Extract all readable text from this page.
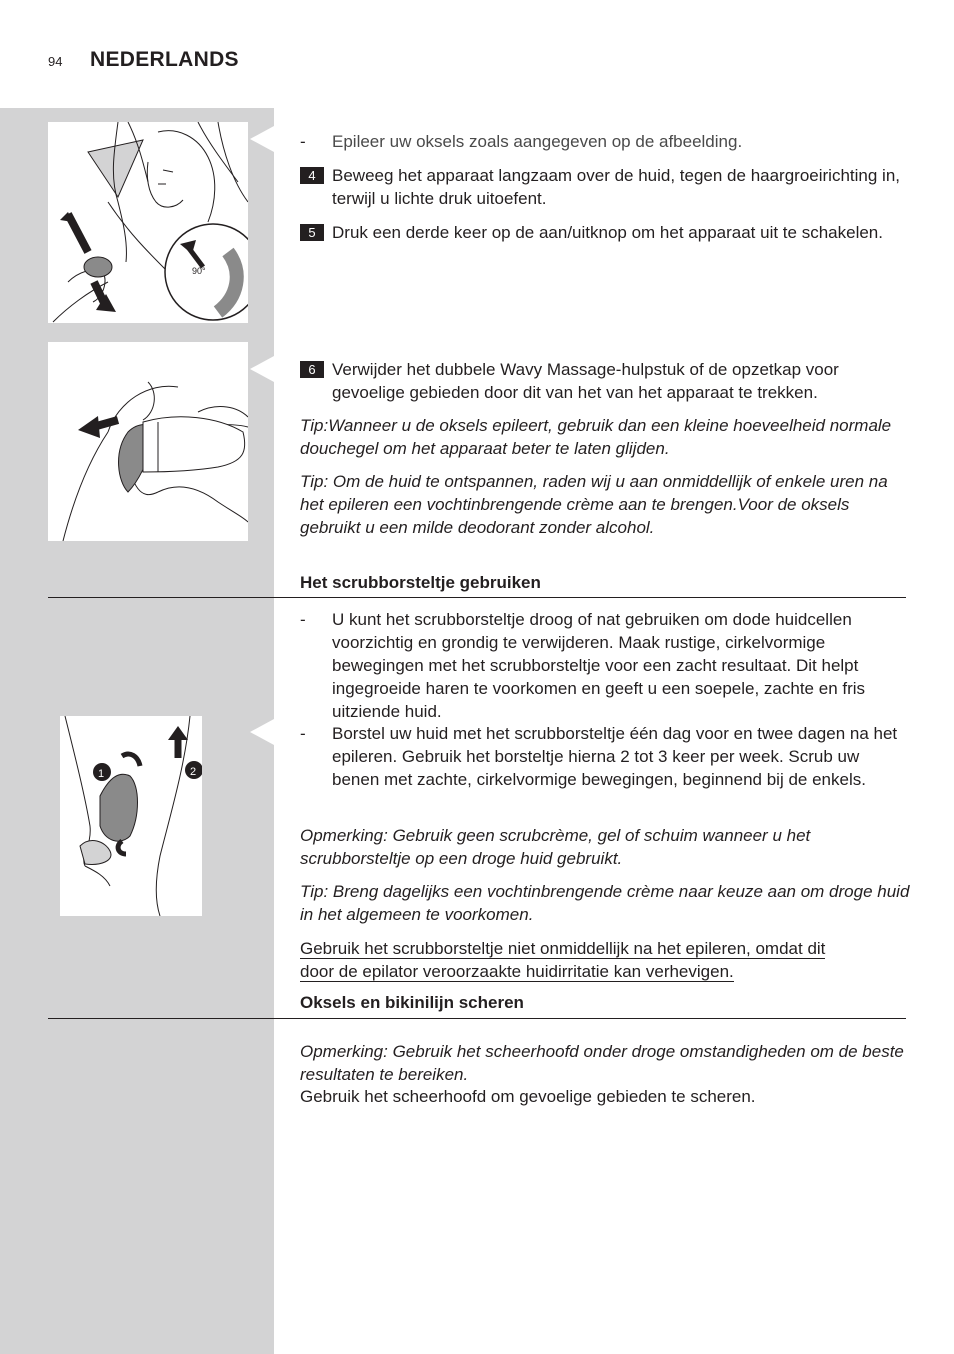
94 NEDERLANDS
90°
1	2
- Epileer uw oksels zoals aangegeven op de afbeelding.
4 Beweeg het apparaat langzaam over de huid, tegen de haargroeirichting in, terwijl u lichte druk uitoefent.
5 Druk een derde keer op de aan/uitknop om het apparaat uit te schakelen.
6 Verwijder het dubbele Wavy Massage-hulpstuk of de opzetkap voor gevoelige gebieden door dit van het van het apparaat te trekken.
Tip:Wanneer u de oksels epileert, gebruik dan een kleine hoeveelheid normale douchegel om het apparaat beter te laten glijden.
Tip: Om de huid te ontspannen, raden wij u aan onmiddellijk of enkele uren na het epileren een vochtinbrengende crème aan te brengen.Voor de oksels gebruikt u een milde deodorant zonder alcohol.
Het scrubborsteltje gebruiken
- U kunt het scrubborsteltje droog of nat gebruiken om dode huidcellen voorzichtig en grondig te verwijderen. Maak rustige, cirkelvormige bewegingen met het scrubborsteltje voor een zacht resultaat. Dit helpt ingegroeide haren te voorkomen en geeft u een soepele, zachte en fris uitziende huid.
- Borstel uw huid met het scrubborsteltje één dag voor en twee dagen na het epileren. Gebruik het borsteltje hierna 2 tot 3 keer per week. Scrub uw benen met zachte, cirkelvormige bewegingen, beginnend bij de enkels.
Opmerking: Gebruik geen scrubcrème, gel of schuim wanneer u het scrubborsteltje op een droge huid gebruikt.
Tip: Breng dagelijks een vochtinbrengende crème naar keuze aan om droge huid in het algemeen te voorkomen.
Gebruik het scrubborsteltje niet onmiddellijk na het epileren, omdat dit
door de epilator veroorzaakte huidirritatie kan verhevigen.
Oksels en bikinilijn scheren
Opmerking: Gebruik het scheerhoofd onder droge omstandigheden om de beste resultaten te bereiken.
Gebruik het scheerhoofd om gevoelige gebieden te scheren.
